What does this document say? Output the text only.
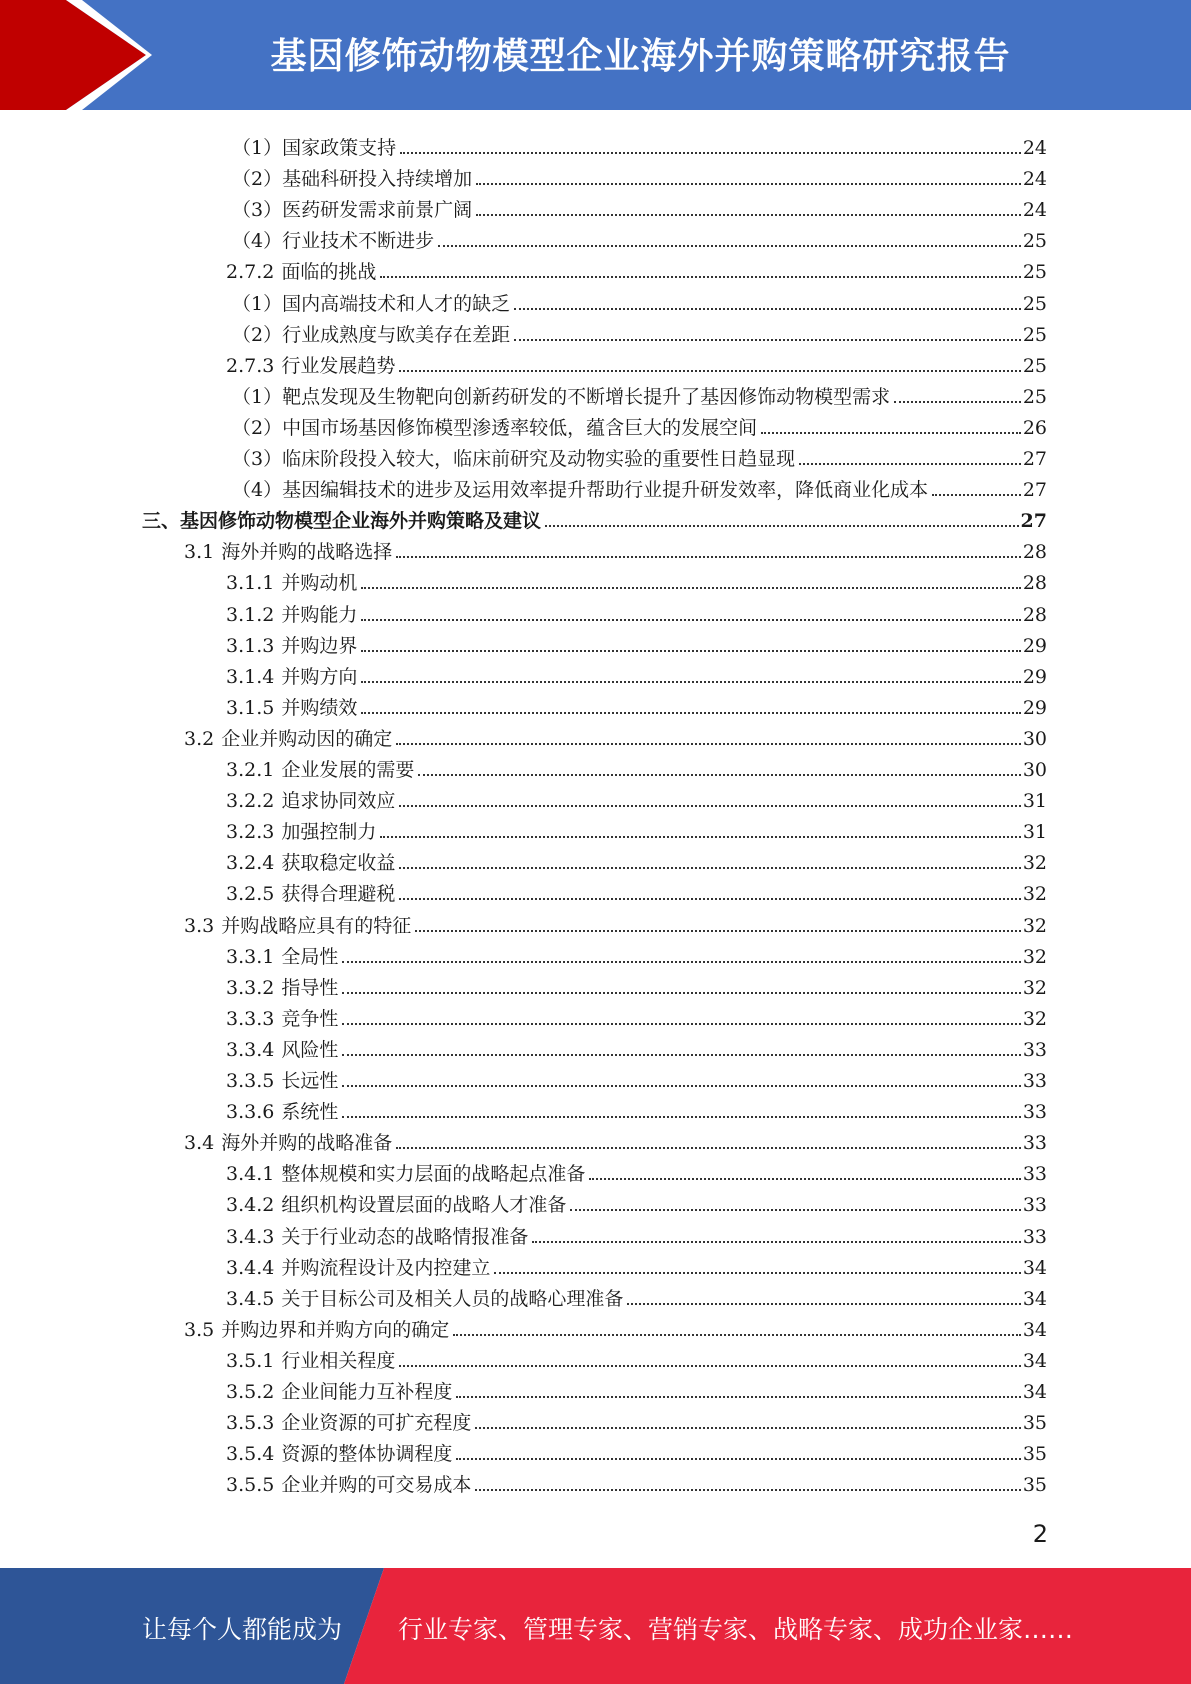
基因修饰动物模型企业海外并购策略研究报告
（1）国家政策支持	24
（2）基础科研投入持续增加	24
（3）医药研发需求前景广阔	24
（4）行业技术不断进步	25
2.7.2 面临的挑战	25
（1）国内高端技术和人才的缺乏	25
（2）行业成熟度与欧美存在差距	25
2.7.3 行业发展趋势	25
（1）靶点发现及生物靶向创新药研发的不断增长提升了基因修饰动物模型需求	25
（2）中国市场基因修饰模型渗透率较低，蕴含巨大的发展空间	26
（3）临床阶段投入较大，临床前研究及动物实验的重要性日趋显现	27
（4）基因编辑技术的进步及运用效率提升帮助行业提升研发效率，降低商业化成本	27
三、基因修饰动物模型企业海外并购策略及建议	27
3.1 海外并购的战略选择	28
3.1.1 并购动机	28
3.1.2 并购能力	28
3.1.3 并购边界	29
3.1.4 并购方向	29
3.1.5 并购绩效	29
3.2 企业并购动因的确定	30
3.2.1 企业发展的需要	30
3.2.2 追求协同效应	31
3.2.3 加强控制力	31
3.2.4 获取稳定收益	32
3.2.5 获得合理避税	32
3.3 并购战略应具有的特征	32
3.3.1 全局性	32
3.3.2 指导性	32
3.3.3 竞争性	32
3.3.4 风险性	33
3.3.5 长远性	33
3.3.6 系统性	33
3.4 海外并购的战略准备	33
3.4.1 整体规模和实力层面的战略起点准备	33
3.4.2 组织机构设置层面的战略人才准备	33
3.4.3 关于行业动态的战略情报准备	33
3.4.4 并购流程设计及内控建立	34
3.4.5 关于目标公司及相关人员的战略心理准备	34
3.5 并购边界和并购方向的确定	34
3.5.1 行业相关程度	34
3.5.2 企业间能力互补程度	34
3.5.3 企业资源的可扩充程度	35
3.5.4 资源的整体协调程度	35
3.5.5 企业并购的可交易成本	35
2
让每个人都能成为 行业专家、管理专家、营销专家、战略专家、成功企业家……
